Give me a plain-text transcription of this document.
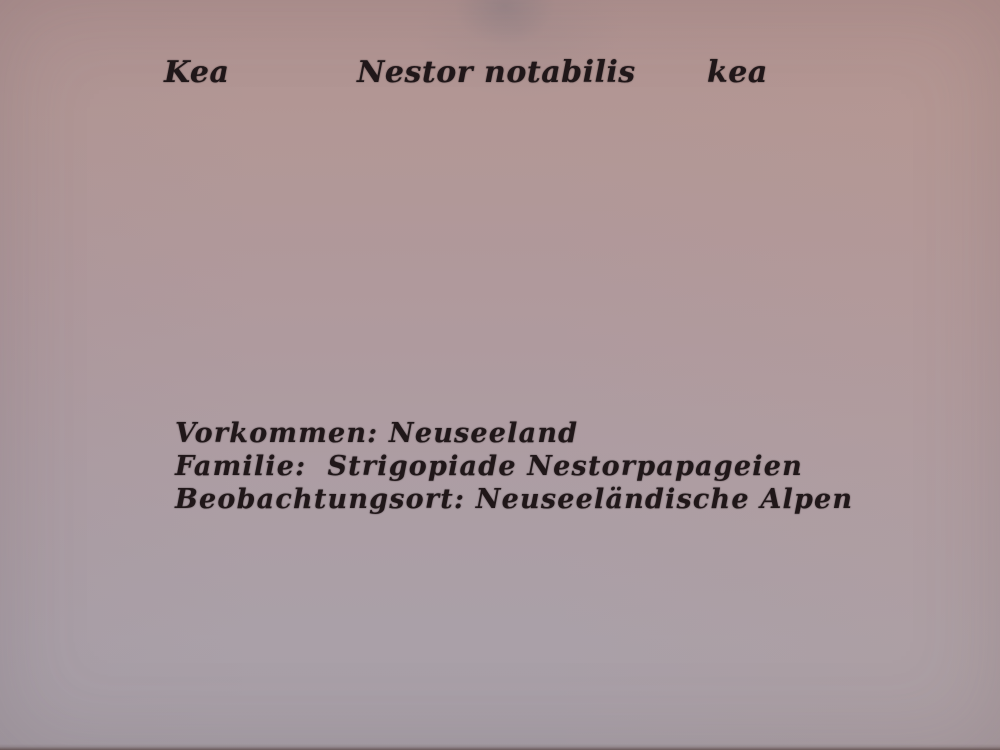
Kea	Nestor notabilis kea
Vorkommen: Neuseeland
Familie:  Strigopiade Nestorpapageien
Beobachtungsort: Neuseeländische Alpen
